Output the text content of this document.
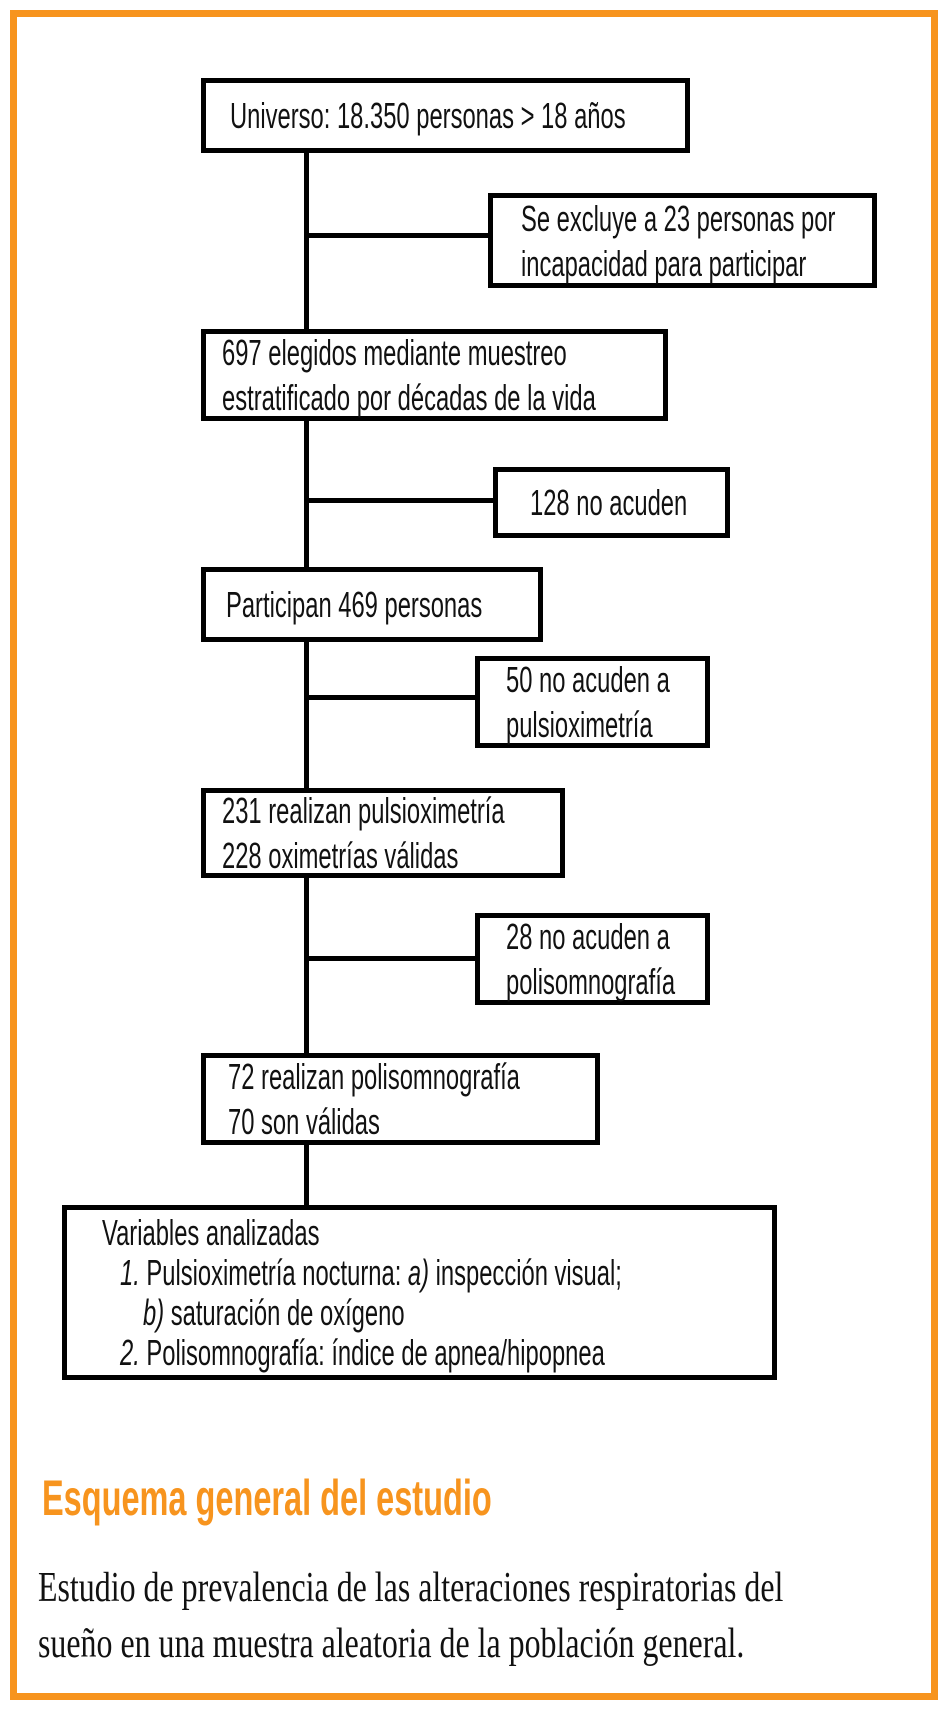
Universo: 18.350 personas > 18 años
Se excluye a 23 personas por
incapacidad para participar
697 elegidos mediante muestreo
estratificado por décadas de la vida
128 no acuden
Participan 469 personas
50 no acuden a
pulsioximetría
231 realizan pulsioximetría
228 oximetrías válidas
28 no acuden a
polisomnografía
72 realizan polisomnografía
70 son válidas
Variables analizadas
1. Pulsioximetría nocturna: a) inspección visual;
b) saturación de oxígeno
2. Polisomnografía: índice de apnea/hipopnea
Esquema general del estudio
Estudio de prevalencia de las alteraciones respiratorias del
sueño en una muestra aleatoria de la población general.
